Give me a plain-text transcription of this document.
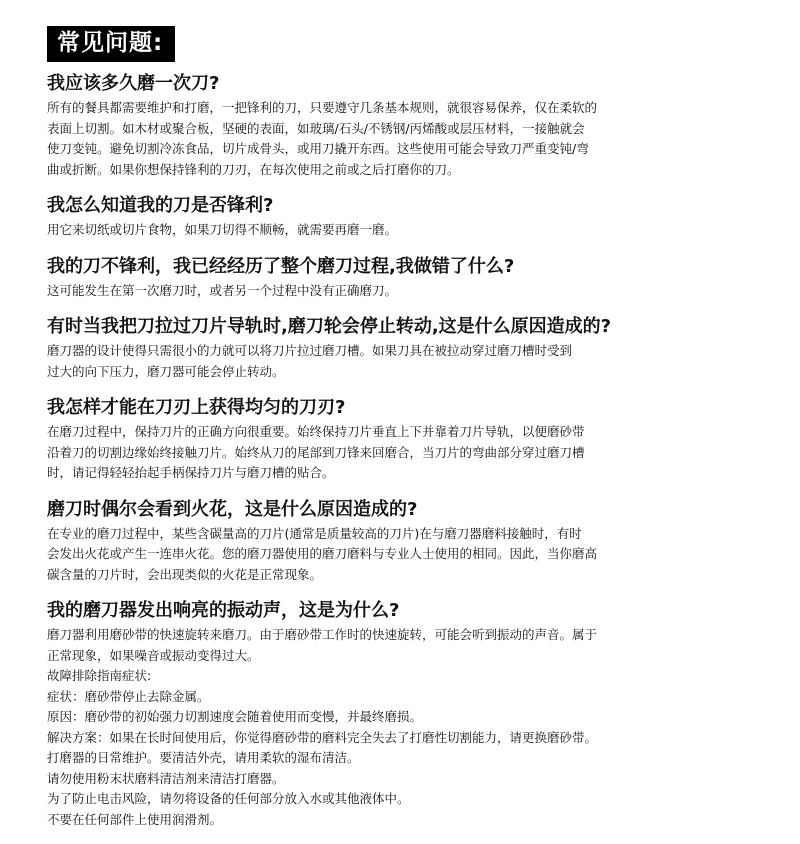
常见问题:
我应该多久磨一次刀?

所有的餐具都需要维护和打磨，一把锋利的刀，只要遵守几条基本规则，就很容易保养，仅在柔软的

表面上切割。如木材或聚合板，坚硬的表面，如玻璃/石头/不锈钢/丙烯酸或层压材料，一接触就会

使刀变钝。避免切割冷冻食品，切片成骨头，或用刀撬开东西。这些使用可能会导致刀严重变钝/弯

曲或折断。如果你想保持锋利的刀刃，在每次使用之前或之后打磨你的刀。

我怎么知道我的刀是否锋利?

用它来切纸或切片食物，如果刀切得不顺畅，就需要再磨一磨。

我的刀不锋利，我已经经历了整个磨刀过程,我做错了什么?

这可能发生在第一次磨刀时，或者另一个过程中没有正确磨刀。

有时当我把刀拉过刀片导轨时,磨刀轮会停止转动,这是什么原因造成的?

磨刀器的设计使得只需很小的力就可以将刀片拉过磨刀槽。如果刀具在被拉动穿过磨刀槽时受到

过大的向下压力，磨刀器可能会停止转动。

我怎样才能在刀刃上获得均匀的刀刃?

在磨刀过程中，保持刀片的正确方向很重要。始终保持刀片垂直上下并靠着刀片导轨，以便磨砂带

沿着刀的切割边缘始终接触刀片。始终从刀的尾部到刀锋来回磨合，当刀片的弯曲部分穿过磨刀槽

时，请记得轻轻抬起手柄保持刀片与磨刀槽的贴合。

磨刀时偶尔会看到火花，这是什么原因造成的?

在专业的磨刀过程中，某些含碳量高的刀片(通常是质量较高的刀片)在与磨刀器磨料接触时，有时

会发出火花或产生一连串火花。您的磨刀器使用的磨刀磨料与专业人士使用的相同。因此，当你磨高

碳含量的刀片时，会出现类似的火花是正常现象。

我的磨刀器发出响亮的振动声，这是为什么?

磨刀器利用磨砂带的快速旋转来磨刀。由于磨砂带工作时的快速旋转，可能会听到振动的声音。属于

正常现象，如果噪音或振动变得过大。

故障排除指南症状:

症状：磨砂带停止去除金属。

原因：磨砂带的初始强力切割速度会随着使用而变慢，并最终磨损。

解决方案：如果在长时间使用后，你觉得磨砂带的磨料完全失去了打磨性切割能力，请更换磨砂带。

打磨器的日常维护。要清洁外壳，请用柔软的湿布清洁。

请勿使用粉末状磨料清洁剂来清洁打磨器。

为了防止电击风险，请勿将设备的任何部分放入水或其他液体中。

不要在任何部件上使用润滑剂。
